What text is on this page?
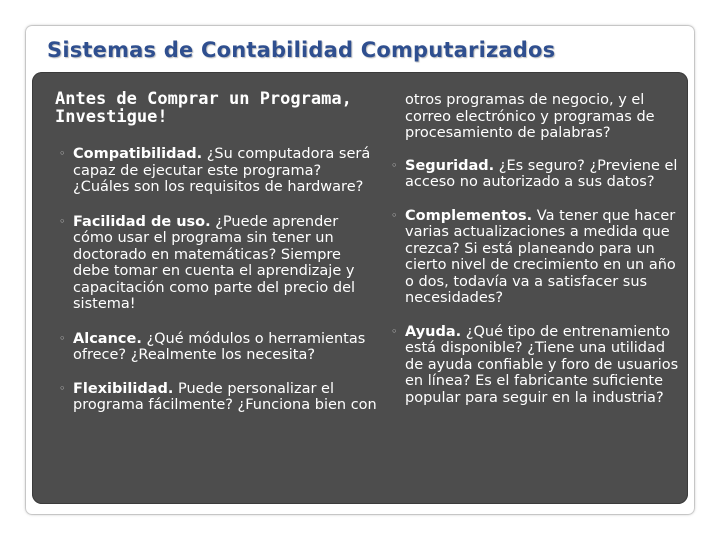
Sistemas de Contabilidad Computarizados
Antes de Comprar un Programa, Investigue!
◦ Compatibilidad. ¿Su computadora será capaz de ejecutar este programa? ¿Cuáles son los requisitos de hardware?
◦ Facilidad de uso. ¿Puede aprender cómo usar el programa sin tener un doctorado en matemáticas? Siempre debe tomar en cuenta el aprendizaje y capacitación como parte del precio del sistema!
◦ Alcance. ¿Qué módulos o herramientas ofrece? ¿Realmente los necesita?
◦ Flexibilidad. Puede personalizar el programa fácilmente? ¿Funciona bien con
otros programas de negocio, y el correo electrónico y programas de procesamiento de palabras?
◦ Seguridad. ¿Es seguro? ¿Previene el acceso no autorizado a sus datos?
◦ Complementos. Va tener que hacer varias actualizaciones a medida que crezca? Si está planeando para un cierto nivel de crecimiento en un año o dos, todavía va a satisfacer sus necesidades?
◦ Ayuda. ¿Qué tipo de entrenamiento está disponible? ¿Tiene una utilidad de ayuda confiable y foro de usuarios en línea? Es el fabricante suficiente popular para seguir en la industria?
